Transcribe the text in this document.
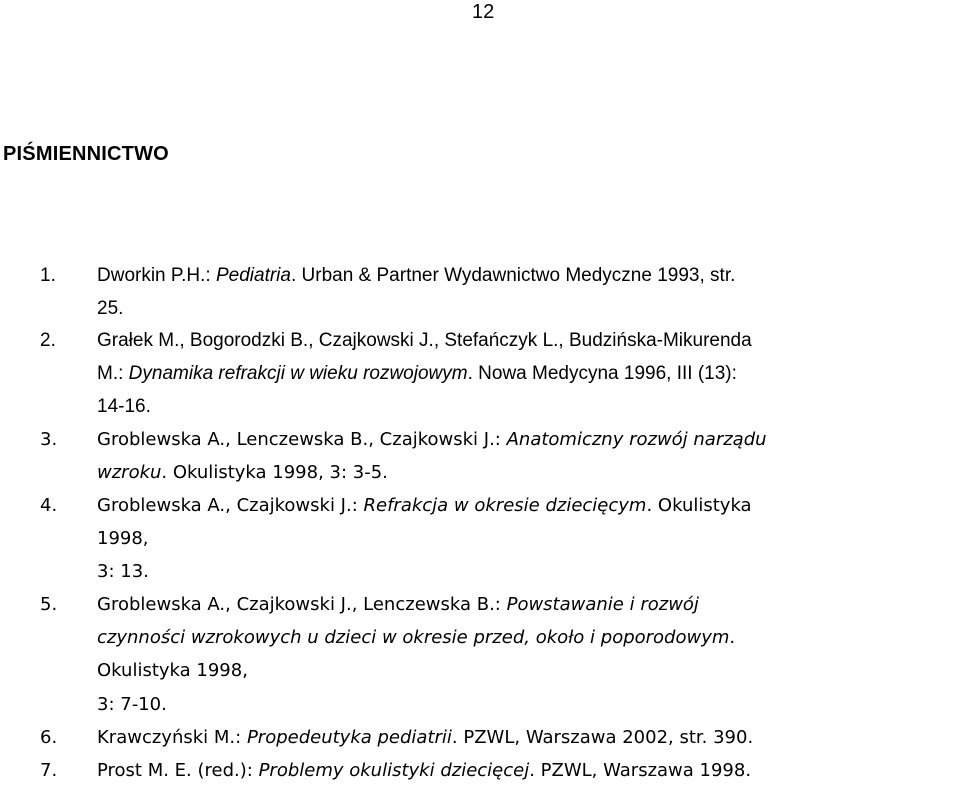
12
PIŚMIENNICTWO
1. Dworkin P.H.: Pediatria. Urban & Partner Wydawnictwo Medyczne 1993, str.
25.
2. Grałek M., Bogorodzki B., Czajkowski J., Stefańczyk L., Budzińska-Mikurenda
M.: Dynamika refrakcji w wieku rozwojowym. Nowa Medycyna 1996, III (13):
14-16.
3. Groblewska A., Lenczewska B., Czajkowski J.: Anatomiczny rozwój narządu
wzroku. Okulistyka 1998, 3: 3-5.
4. Groblewska A., Czajkowski J.: Refrakcja w okresie dziecięcym. Okulistyka
1998,
3: 13.
5. Groblewska A., Czajkowski J., Lenczewska B.: Powstawanie i rozwój
czynności wzrokowych u dzieci w okresie przed, około i poporodowym.
Okulistyka 1998,
3: 7-10.
6. Krawczyński M.: Propedeutyka pediatrii. PZWL, Warszawa 2002, str. 390.
7. Prost M. E. (red.): Problemy okulistyki dziecięcej. PZWL, Warszawa 1998.
